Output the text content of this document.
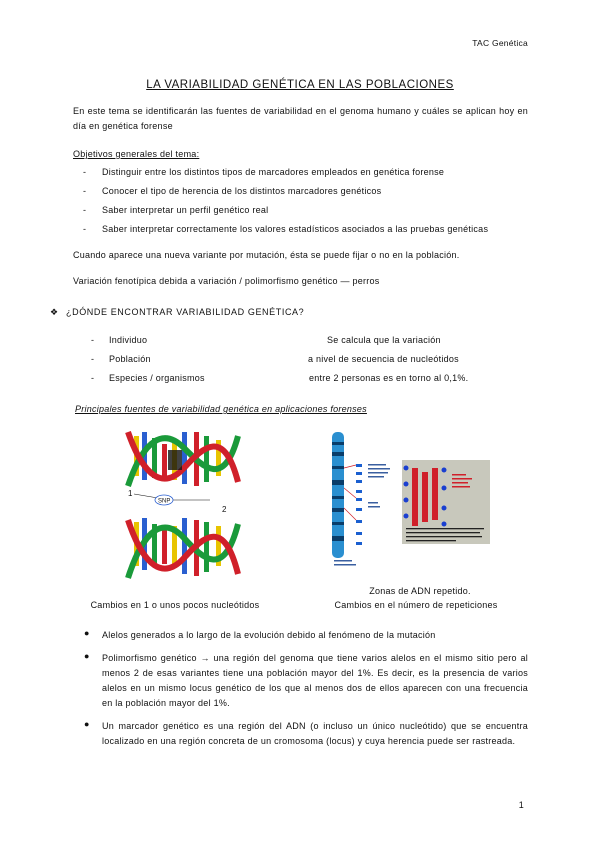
TAC Genética
LA VARIABILIDAD GENÉTICA EN LAS POBLACIONES
En este tema se identificarán las fuentes de variabilidad en el genoma humano y cuáles se aplican hoy en día en genética forense
Objetivos generales del tema:
- Distinguir entre los distintos tipos de marcadores empleados en genética forense
- Conocer el tipo de herencia de los distintos marcadores genéticos
- Saber interpretar un perfil genético real
- Saber interpretar correctamente los valores estadísticos asociados a las pruebas genéticas
Cuando aparece una nueva variante por mutación, ésta se puede fijar o no en la población.
Variación fenotípica debida a variación / polimorfismo genético — perros
❖ ¿DÓNDE ENCONTRAR VARIABILIDAD GENÉTICA?
- Individuo	Se calcula que la variación
- Población	a nivel de secuencia de nucleótidos
- Especies / organismos	entre 2 personas es en torno al 0,1%.
Principales fuentes de variabilidad genética en aplicaciones forenses
1
SNP
2
Zonas de ADN repetido.
Cambios en 1 o unos pocos nucleótidos	Cambios en el número de repeticiones
● Alelos generados a lo largo de la evolución debido al fenómeno de la mutación
● Polimorfismo genético → una región del genoma que tiene varios alelos en el mismo sitio pero al menos 2 de esas variantes tiene una población mayor del 1%. Es decir, es la presencia de varios alelos en un mismo locus genético de los que al menos dos de ellos aparecen con una frecuencia en la población mayor del 1%.
● Un marcador genético es una región del ADN (o incluso un único nucleótido) que se encuentra localizado en una región concreta de un cromosoma (locus) y cuya herencia puede ser rastreada.
1
